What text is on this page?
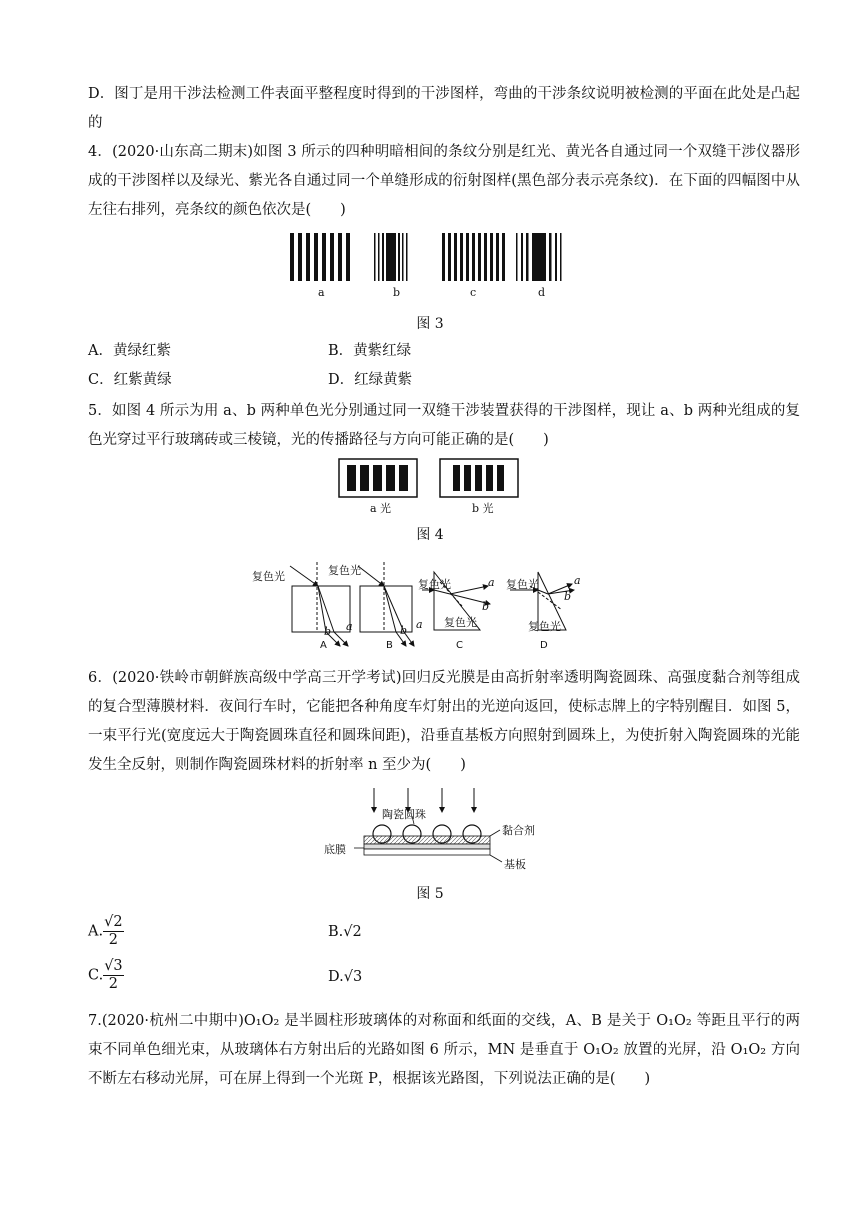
D．图丁是用干涉法检测工件表面平整程度时得到的干涉图样，弯曲的干涉条纹说明被检测的平面在此处是凸起的
4．(2020·山东高二期末)如图 3 所示的四种明暗相间的条纹分别是红光、黄光各自通过同一个双缝干涉仪器形成的干涉图样以及绿光、紫光各自通过同一个单缝形成的衍射图样(黑色部分表示亮条纹)．在下面的四幅图中从左往右排列，亮条纹的颜色依次是(　　)
a	b	c	d
图 3
A．黄绿红紫	B．黄紫红绿
C．红紫黄绿	D．红绿黄紫
5．如图 4 所示为用 a、b 两种单色光分别通过同一双缝干涉装置获得的干涉图样，现让 a、b 两种光组成的复色光穿过平行玻璃砖或三棱镜，光的传播路径与方向可能正确的是(　　)
a 光	b 光
图 4
复色光	复色光
复色光
复色光
复色光
复色光
b a	b a
a
b
a
b
A	B	C	D
6．(2020·铁岭市朝鲜族高级中学高三开学考试)回归反光膜是由高折射率透明陶瓷圆珠、高强度黏合剂等组成的复合型薄膜材料．夜间行车时，它能把各种角度车灯射出的光逆向返回，使标志牌上的字特别醒目．如图 5，一束平行光(宽度远大于陶瓷圆珠直径和圆珠间距)，沿垂直基板方向照射到圆珠上，为使折射入陶瓷圆珠的光能发生全反射，则制作陶瓷圆珠材料的折射率 n 至少为(　　)
陶瓷圆珠
黏合剂
底膜
基板
图 5
A. $\frac{√2}{2}$	B.√2
C. $\frac{√3}{2}$	D.√3
7.(2020·杭州二中期中)O₁O₂ 是半圆柱形玻璃体的对称面和纸面的交线，A、B 是关于 O₁O₂ 等距且平行的两束不同单色细光束，从玻璃体右方射出后的光路如图 6 所示，MN 是垂直于 O₁O₂ 放置的光屏，沿 O₁O₂ 方向不断左右移动光屏，可在屏上得到一个光斑 P，根据该光路图，下列说法正确的是(　　)
